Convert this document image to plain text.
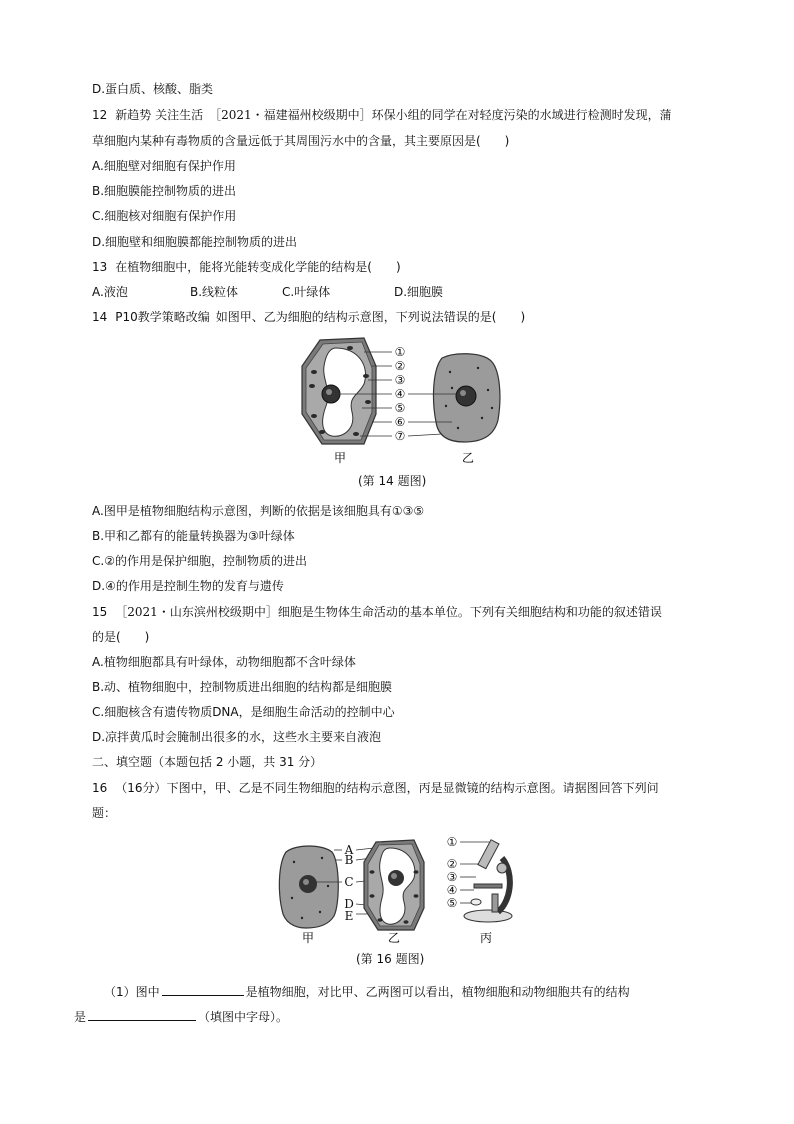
D.蛋白质、核酸、脂类
12 新趋势 关注生活 ［2021・福建福州校级期中］环保小组的同学在对轻度污染的水域进行检测时发现，蒲
草细胞内某种有毒物质的含量远低于其周围污水中的含量，其主要原因是(　　)
A.细胞壁对细胞有保护作用
B.细胞膜能控制物质的进出
C.细胞核对细胞有保护作用
D.细胞壁和细胞膜都能控制物质的进出
13 在植物细胞中，能将光能转变成化学能的结构是(　　)
A.液泡	B.线粒体	C.叶绿体	D.细胞膜
14 P10教学策略改编 如图甲、乙为细胞的结构示意图，下列说法错误的是(　　)
①
②
③
④
⑤
⑥
⑦
甲	乙
(第 14 题图)
A.图甲是植物细胞结构示意图，判断的依据是该细胞具有①③⑤
B.甲和乙都有的能量转换器为③叶绿体
C.②的作用是保护细胞，控制物质的进出
D.④的作用是控制生物的发育与遗传
15 ［2021・山东滨州校级期中］细胞是生物体生命活动的基本单位。下列有关细胞结构和功能的叙述错误
的是(　　)
A.植物细胞都具有叶绿体，动物细胞都不含叶绿体
B.动、植物细胞中，控制物质进出细胞的结构都是细胞膜
C.细胞核含有遗传物质DNA，是细胞生命活动的控制中心
D.凉拌黄瓜时会腌制出很多的水，这些水主要来自液泡
二、填空题（本题包括 2 小题，共 31 分）
16 （16分）下图中，甲、乙是不同生物细胞的结构示意图，丙是显微镜的结构示意图。请据图回答下列问
题：
A
B
C
D
E
①
②
③
④
⑤
甲	乙	丙
(第 16 题图)
（1）图中	是植物细胞，对比甲、乙两图可以看出，植物细胞和动物细胞共有的结构
是	（填图中字母）。
